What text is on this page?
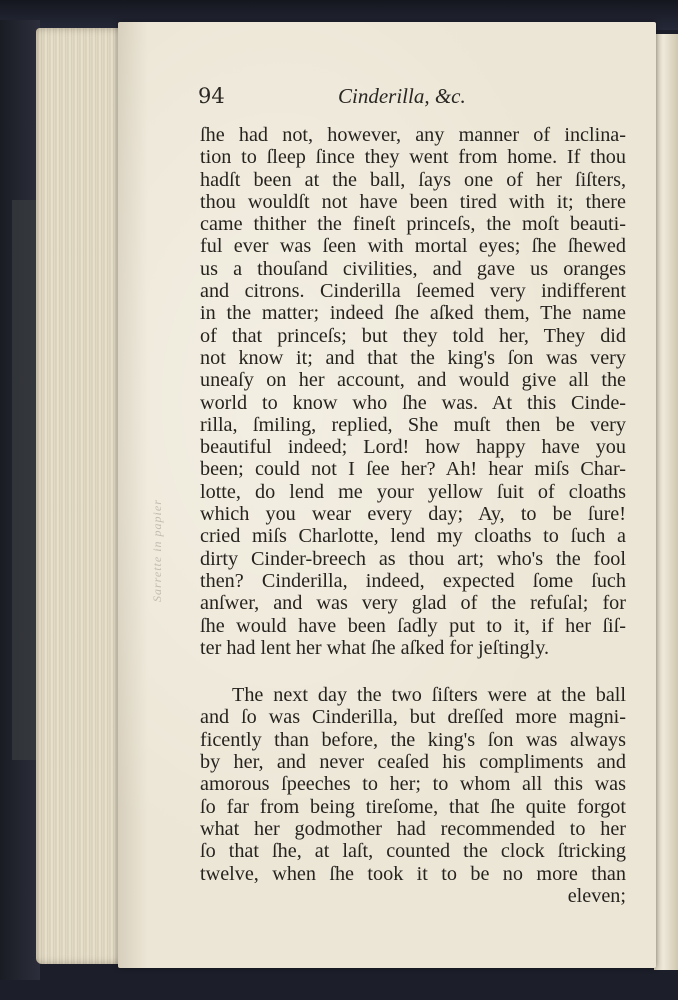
Sarrette in papier
94	Cinderilla, &c.
ſhe had not, however, any manner of inclina-
tion to ſleep ſince they went from home. If thou
hadſt been at the ball, ſays one of her ſiſters,
thou wouldſt not have been tired with it; there
came thither the fineſt princeſs, the moſt beauti-
ful ever was ſeen with mortal eyes; ſhe ſhewed
us a thouſand civilities, and gave us oranges
and citrons. Cinderilla ſeemed very indifferent
in the matter; indeed ſhe aſked them, The name
of that princeſs; but they told her, They did
not know it; and that the king's ſon was very
uneaſy on her account, and would give all the
world to know who ſhe was. At this Cinde-
rilla, ſmiling, replied, She muſt then be very
beautiful indeed; Lord! how happy have you
been; could not I ſee her? Ah! hear miſs Char-
lotte, do lend me your yellow ſuit of cloaths
which you wear every day; Ay, to be ſure!
cried miſs Charlotte, lend my cloaths to ſuch a
dirty Cinder-breech as thou art; who's the fool
then? Cinderilla, indeed, expected ſome ſuch
anſwer, and was very glad of the refuſal; for
ſhe would have been ſadly put to it, if her ſiſ-
ter had lent her what ſhe aſked for jeſtingly.
The next day the two ſiſters were at the ball
and ſo was Cinderilla, but dreſſed more magni-
ficently than before, the king's ſon was always
by her, and never ceaſed his compliments and
amorous ſpeeches to her; to whom all this was
ſo far from being tireſome, that ſhe quite forgot
what her godmother had recommended to her
ſo that ſhe, at laſt, counted the clock ſtricking
twelve, when ſhe took it to be no more than
eleven;
